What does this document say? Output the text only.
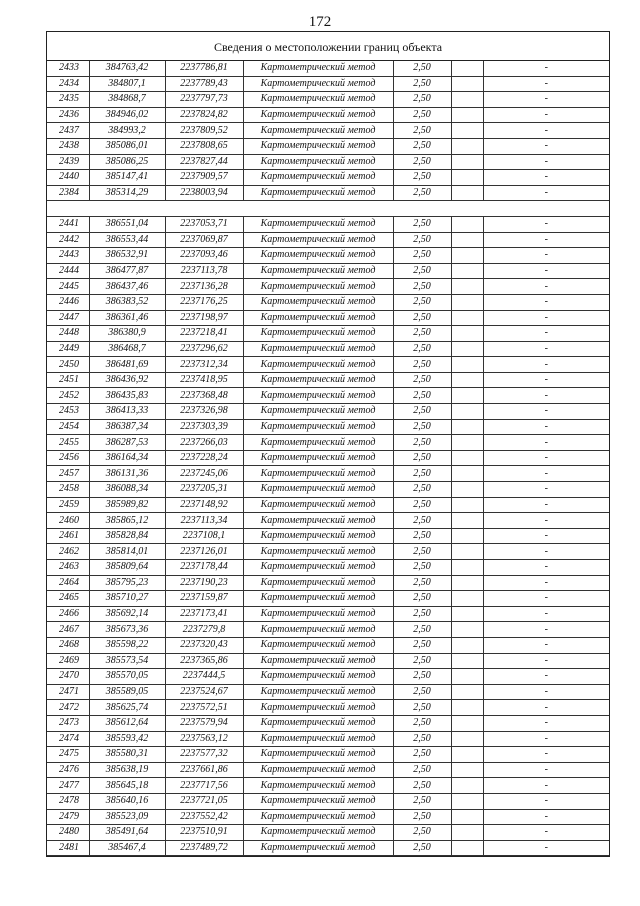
172
Сведения о местоположении границ объекта
2433	384763,42	2237786,81	Картометрический метод	2,50		-
2434	384807,1	2237789,43	Картометрический метод	2,50		-
2435	384868,7	2237797,73	Картометрический метод	2,50		-
2436	384946,02	2237824,82	Картометрический метод	2,50		-
2437	384993,2	2237809,52	Картометрический метод	2,50		-
2438	385086,01	2237808,65	Картометрический метод	2,50		-
2439	385086,25	2237827,44	Картометрический метод	2,50		-
2440	385147,41	2237909,57	Картометрический метод	2,50		-
2384	385314,29	2238003,94	Картометрический метод	2,50		-

2441	386551,04	2237053,71	Картометрический метод	2,50		-
2442	386553,44	2237069,87	Картометрический метод	2,50		-
2443	386532,91	2237093,46	Картометрический метод	2,50		-
2444	386477,87	2237113,78	Картометрический метод	2,50		-
2445	386437,46	2237136,28	Картометрический метод	2,50		-
2446	386383,52	2237176,25	Картометрический метод	2,50		-
2447	386361,46	2237198,97	Картометрический метод	2,50		-
2448	386380,9	2237218,41	Картометрический метод	2,50		-
2449	386468,7	2237296,62	Картометрический метод	2,50		-
2450	386481,69	2237312,34	Картометрический метод	2,50		-
2451	386436,92	2237418,95	Картометрический метод	2,50		-
2452	386435,83	2237368,48	Картометрический метод	2,50		-
2453	386413,33	2237326,98	Картометрический метод	2,50		-
2454	386387,34	2237303,39	Картометрический метод	2,50		-
2455	386287,53	2237266,03	Картометрический метод	2,50		-
2456	386164,34	2237228,24	Картометрический метод	2,50		-
2457	386131,36	2237245,06	Картометрический метод	2,50		-
2458	386088,34	2237205,31	Картометрический метод	2,50		-
2459	385989,82	2237148,92	Картометрический метод	2,50		-
2460	385865,12	2237113,34	Картометрический метод	2,50		-
2461	385828,84	2237108,1	Картометрический метод	2,50		-
2462	385814,01	2237126,01	Картометрический метод	2,50		-
2463	385809,64	2237178,44	Картометрический метод	2,50		-
2464	385795,23	2237190,23	Картометрический метод	2,50		-
2465	385710,27	2237159,87	Картометрический метод	2,50		-
2466	385692,14	2237173,41	Картометрический метод	2,50		-
2467	385673,36	2237279,8	Картометрический метод	2,50		-
2468	385598,22	2237320,43	Картометрический метод	2,50		-
2469	385573,54	2237365,86	Картометрический метод	2,50		-
2470	385570,05	2237444,5	Картометрический метод	2,50		-
2471	385589,05	2237524,67	Картометрический метод	2,50		-
2472	385625,74	2237572,51	Картометрический метод	2,50		-
2473	385612,64	2237579,94	Картометрический метод	2,50		-
2474	385593,42	2237563,12	Картометрический метод	2,50		-
2475	385580,31	2237577,32	Картометрический метод	2,50		-
2476	385638,19	2237661,86	Картометрический метод	2,50		-
2477	385645,18	2237717,56	Картометрический метод	2,50		-
2478	385640,16	2237721,05	Картометрический метод	2,50		-
2479	385523,09	2237552,42	Картометрический метод	2,50		-
2480	385491,64	2237510,91	Картометрический метод	2,50		-
2481	385467,4	2237489,72	Картометрический метод	2,50		-
